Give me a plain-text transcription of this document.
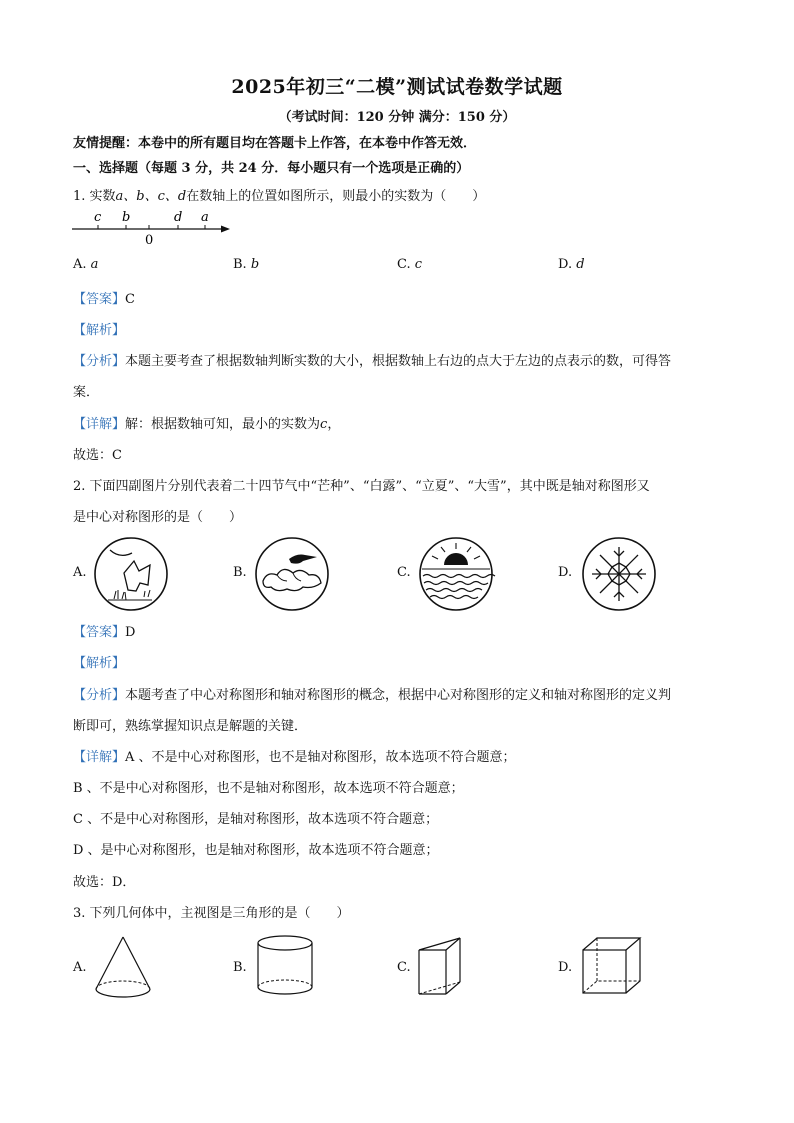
2025年初三“二模”测试试卷数学试题
（考试时间：120 分钟 满分：150 分）
友情提醒：本卷中的所有题目均在答题卡上作答，在本卷中作答无效．
一、选择题（每题 3 分，共 24 分．每小题只有一个选项是正确的）
1. 实数a、b、c、d在数轴上的位置如图所示，则最小的实数为（　　）
c b	d a
0
A. a	B. b	C. c	D. d
【答案】C
【解析】
【分析】本题主要考查了根据数轴判断实数的大小，根据数轴上右边的点大于左边的点表示的数，可得答
案．
【详解】解：根据数轴可知，最小的实数为c，
故选：C
2. 下面四副图片分别代表着二十四节气中“芒种”、“白露”、“立夏”、“大雪”，其中既是轴对称图形又
是中心对称图形的是（　　）
A.	B.	C.	D.
【答案】D
【解析】
【分析】本题考查了中心对称图形和轴对称图形的概念，根据中心对称图形的定义和轴对称图形的定义判
断即可，熟练掌握知识点是解题的关键．
【详解】A 、不是中心对称图形，也不是轴对称图形，故本选项不符合题意；
B 、不是中心对称图形，也不是轴对称图形，故本选项不符合题意；
C 、不是中心对称图形，是轴对称图形，故本选项不符合题意；
D 、是中心对称图形，也是轴对称图形，故本选项不符合题意；
故选：D．
3. 下列几何体中，主视图是三角形的是（　　）
A.	B.	C.	D.
